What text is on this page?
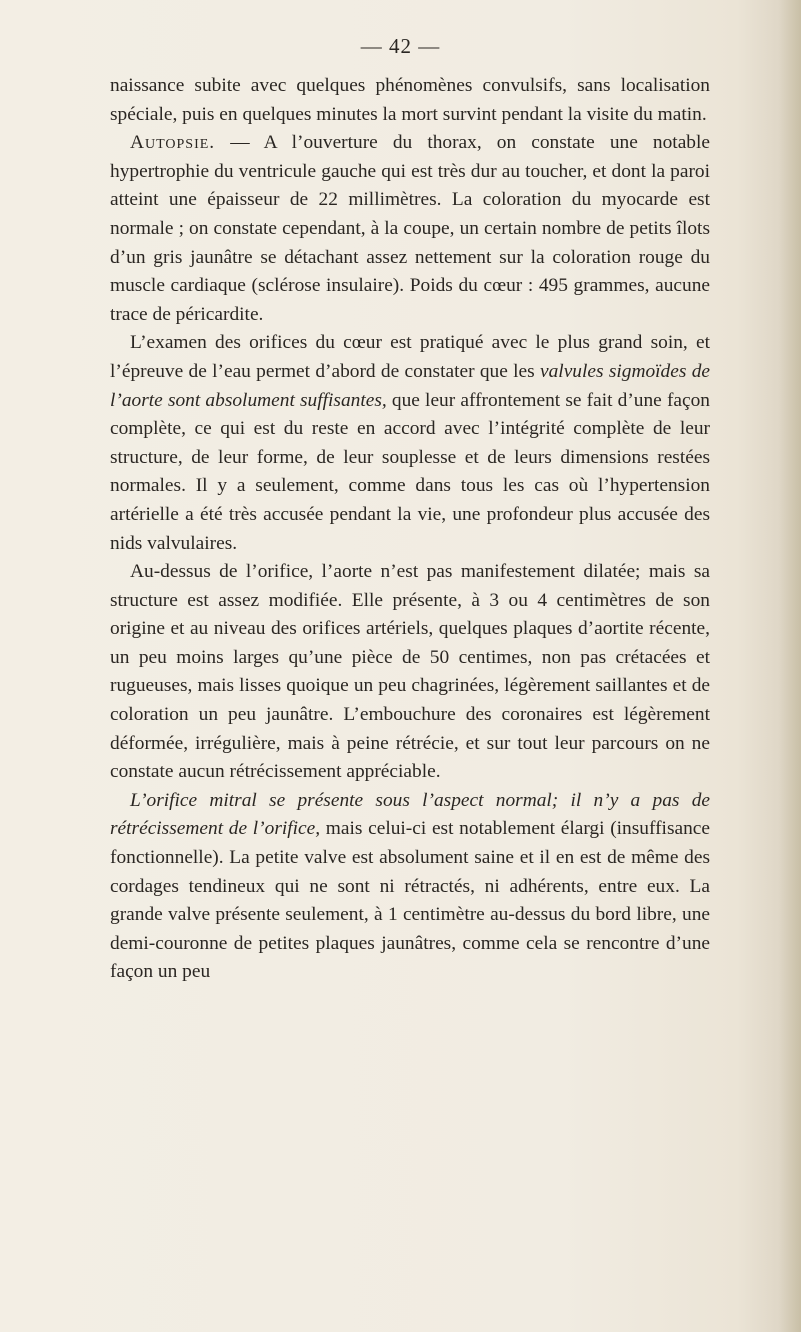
— 42 —

naissance subite avec quelques phénomènes convulsifs, sans localisation spéciale, puis en quelques minutes la mort survint pendant la visite du matin.

Autopsie. — A l’ouverture du thorax, on constate une notable hypertrophie du ventricule gauche qui est très dur au toucher, et dont la paroi atteint une épaisseur de 22 millimètres. La coloration du myocarde est normale ; on constate cependant, à la coupe, un certain nombre de petits îlots d’un gris jaunâtre se détachant assez nettement sur la coloration rouge du muscle cardiaque (sclérose insulaire). Poids du cœur : 495 grammes, aucune trace de péricardite.

L’examen des orifices du cœur est pratiqué avec le plus grand soin, et l’épreuve de l’eau permet d’abord de constater que les valvules sigmoïdes de l’aorte sont absolument suffisantes, que leur affrontement se fait d’une façon complète, ce qui est du reste en accord avec l’intégrité complète de leur structure, de leur forme, de leur souplesse et de leurs dimensions restées normales. Il y a seulement, comme dans tous les cas où l’hypertension artérielle a été très accusée pendant la vie, une profondeur plus accusée des nids valvulaires.

Au-dessus de l’orifice, l’aorte n’est pas manifestement dilatée; mais sa structure est assez modifiée. Elle présente, à 3 ou 4 centimètres de son origine et au niveau des orifices artériels, quelques plaques d’aortite récente, un peu moins larges qu’une pièce de 50 centimes, non pas crétacées et rugueuses, mais lisses quoique un peu chagrinées, légèrement saillantes et de coloration un peu jaunâtre. L’embouchure des coronaires est légèrement déformée, irrégulière, mais à peine rétrécie, et sur tout leur parcours on ne constate aucun rétrécissement appréciable.

L’orifice mitral se présente sous l’aspect normal; il n’y a pas de rétrécissement de l’orifice, mais celui-ci est notablement élargi (insuffisance fonctionnelle). La petite valve est absolument saine et il en est de même des cordages tendineux qui ne sont ni rétractés, ni adhérents, entre eux. La grande valve présente seulement, à 1 centimètre au-dessus du bord libre, une demi-couronne de petites plaques jaunâtres, comme cela se rencontre d’une façon un peu
